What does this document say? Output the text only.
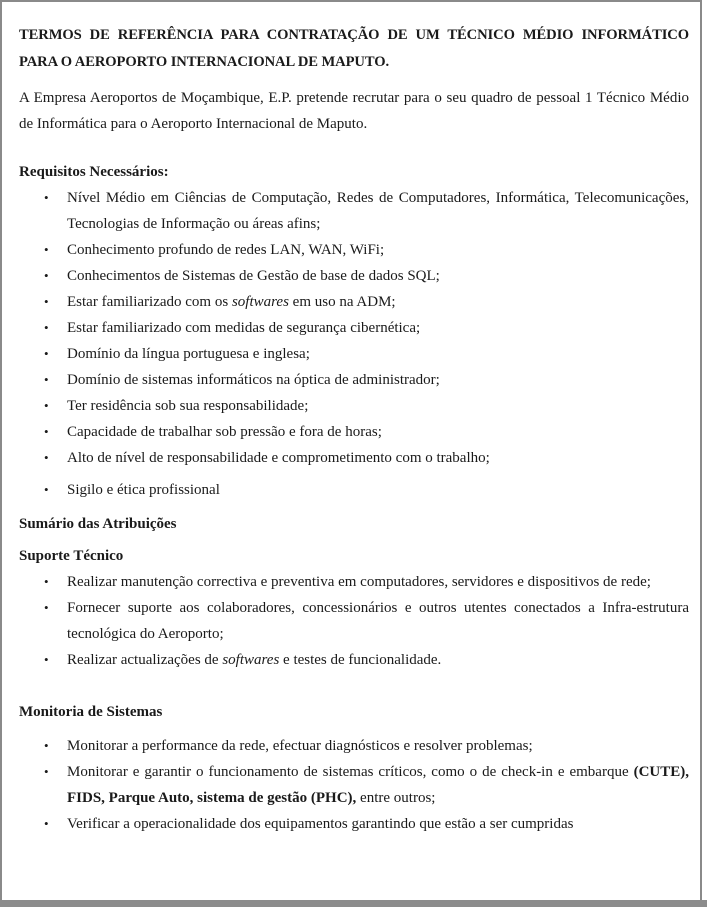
TERMOS DE REFERÊNCIA PARA CONTRATAÇÃO DE UM TÉCNICO MÉDIO INFORMÁTICO PARA O AEROPORTO INTERNACIONAL DE MAPUTO.

A Empresa Aeroportos de Moçambique, E.P. pretende recrutar para o seu quadro de pessoal 1 Técnico Médio de Informática para o Aeroporto Internacional de Maputo.

Requisitos Necessários:

• Nível Médio em Ciências de Computação, Redes de Computadores, Informática, Telecomunicações, Tecnologias de Informação ou áreas afins;
• Conhecimento profundo de redes LAN, WAN, WiFi;
• Conhecimentos de Sistemas de Gestão de base de dados SQL;
• Estar familiarizado com os softwares em uso na ADM;
• Estar familiarizado com medidas de segurança cibernética;
• Domínio da língua portuguesa e inglesa;
• Domínio de sistemas informáticos na óptica de administrador;
• Ter residência sob sua responsabilidade;
• Capacidade de trabalhar sob pressão e fora de horas;
• Alto de nível de responsabilidade e comprometimento com o trabalho;
• Sigilo e ética profissional

Sumário das Atribuições

Suporte Técnico

• Realizar manutenção correctiva e preventiva em computadores, servidores e dispositivos de rede;
• Fornecer suporte aos colaboradores, concessionários e outros utentes conectados a Infra-estrutura tecnológica do Aeroporto;
• Realizar actualizações de softwares e testes de funcionalidade.

Monitoria de Sistemas

• Monitorar a performance da rede, efectuar diagnósticos e resolver problemas;
• Monitorar e garantir o funcionamento de sistemas críticos, como o de check-in e embarque (CUTE), FIDS, Parque Auto, sistema de gestão (PHC), entre outros;
• Verificar a operacionalidade dos equipamentos garantindo que estão a ser cumpridas
